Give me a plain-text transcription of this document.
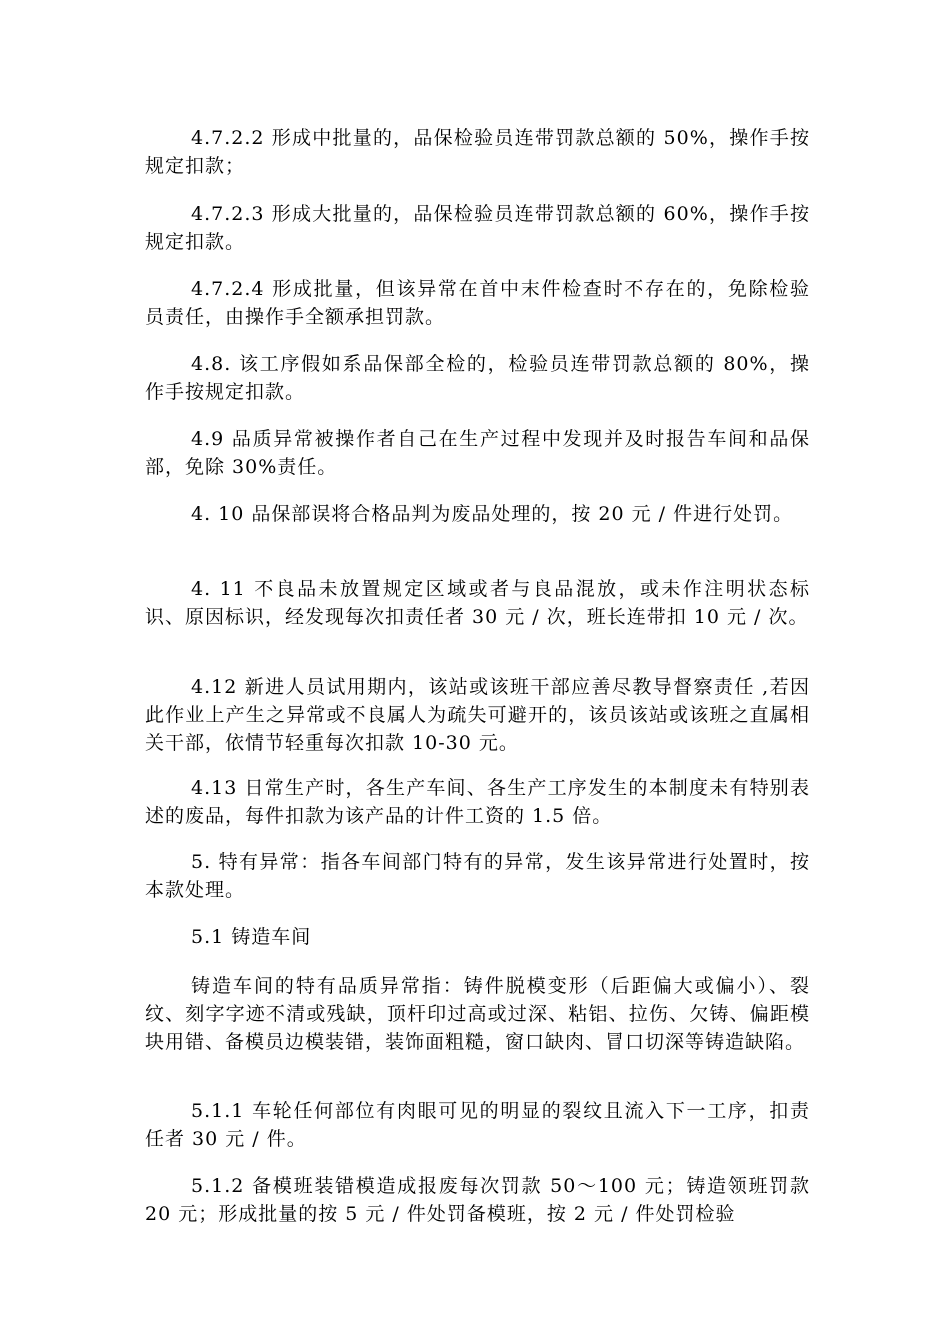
4.7.2.2 形成中批量的，品保检验员连带罚款总额的 50%，操作手按规定扣款；

4.7.2.3 形成大批量的，品保检验员连带罚款总额的 60%，操作手按规定扣款。

4.7.2.4 形成批量，但该异常在首中末件检查时不存在的，免除检验员责任，由操作手全额承担罚款。

4.8. 该工序假如系品保部全检的，检验员连带罚款总额的 80%，操作手按规定扣款。

4.9 品质异常被操作者自己在生产过程中发现并及时报告车间和品保部，免除 30%责任。

4. 10 品保部误将合格品判为废品处理的，按 20 元 / 件进行处罚。

4. 11 不良品未放置规定区域或者与良品混放，或未作注明状态标识、原因标识，经发现每次扣责任者 30 元 / 次，班长连带扣 10 元 / 次。

4.12 新进人员试用期内，该站或该班干部应善尽教导督察责任 ,若因此作业上产生之异常或不良属人为疏失可避开的，该员该站或该班之直属相关干部，依情节轻重每次扣款 10-30 元。

4.13 日常生产时，各生产车间、各生产工序发生的本制度未有特别表述的废品，每件扣款为该产品的计件工资的 1.5 倍。

5. 特有异常：指各车间部门特有的异常，发生该异常进行处置时，按本款处理。

5.1 铸造车间

铸造车间的特有品质异常指：铸件脱模变形（后距偏大或偏小）、裂纹、刻字字迹不清或残缺，顶杆印过高或过深、粘铝、拉伤、欠铸、偏距模块用错、备模员边模装错，装饰面粗糙，窗口缺肉、冒口切深等铸造缺陷。

5.1.1 车轮任何部位有肉眼可见的明显的裂纹且流入下一工序，扣责任者 30 元 / 件。

5.1.2 备模班装错模造成报废每次罚款 50～100 元；铸造领班罚款 20 元；形成批量的按 5 元 / 件处罚备模班，按 2 元 / 件处罚检验
